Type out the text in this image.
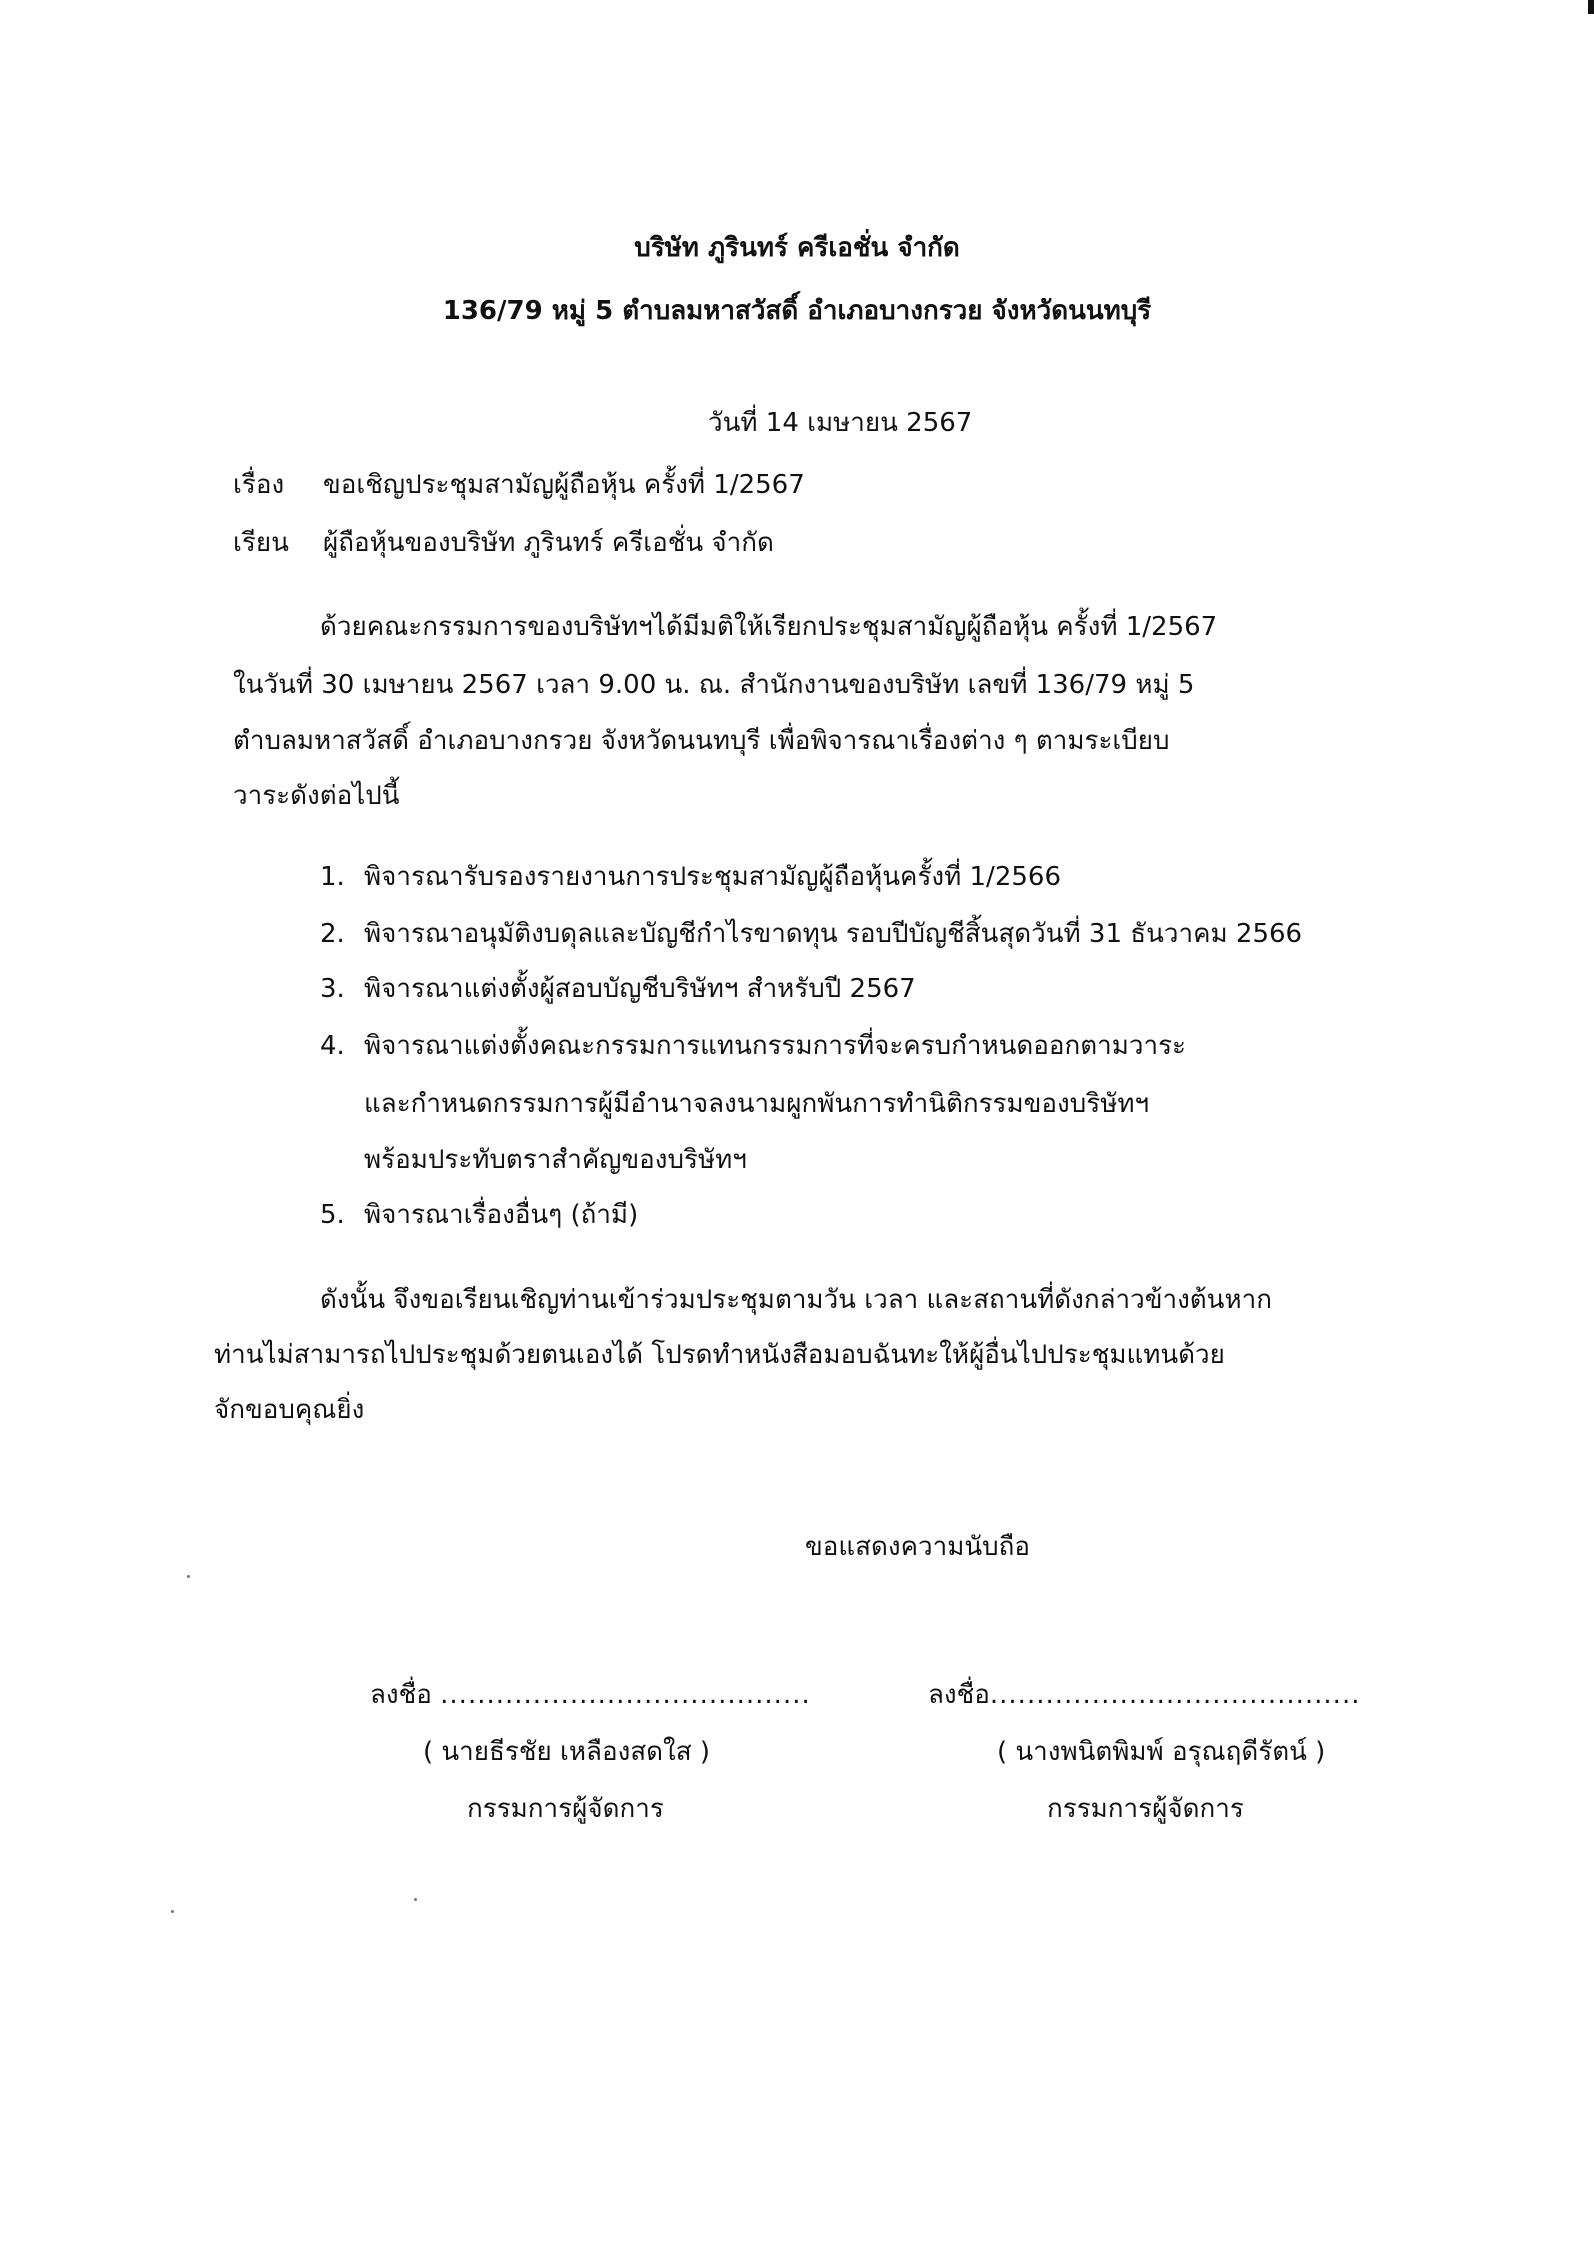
บริษัท ภูรินทร์ ครีเอชั่น จำกัด
136/79 หมู่ 5 ตำบลมหาสวัสดิ์ อำเภอบางกรวย จังหวัดนนทบุรี
วันที่ 14 เมษายน 2567
เรื่อง ขอเชิญประชุมสามัญผู้ถือหุ้น ครั้งที่ 1/2567
เรียน ผู้ถือหุ้นของบริษัท ภูรินทร์ ครีเอชั่น จำกัด
ด้วยคณะกรรมการของบริษัทฯได้มีมติให้เรียกประชุมสามัญผู้ถือหุ้น ครั้งที่ 1/2567
ในวันที่ 30 เมษายน 2567 เวลา 9.00 น. ณ. สำนักงานของบริษัท เลขที่ 136/79 หมู่ 5
ตำบลมหาสวัสดิ์ อำเภอบางกรวย จังหวัดนนทบุรี เพื่อพิจารณาเรื่องต่าง ๆ ตามระเบียบ
วาระดังต่อไปนี้
1. พิจารณารับรองรายงานการประชุมสามัญผู้ถือหุ้นครั้งที่ 1/2566
2. พิจารณาอนุมัติงบดุลและบัญชีกำไรขาดทุน รอบปีบัญชีสิ้นสุดวันที่ 31 ธันวาคม 2566
3. พิจารณาแต่งตั้งผู้สอบบัญชีบริษัทฯ สำหรับปี 2567
4. พิจารณาแต่งตั้งคณะกรรมการแทนกรรมการที่จะครบกำหนดออกตามวาระ
และกำหนดกรรมการผู้มีอำนาจลงนามผูกพันการทำนิติกรรมของบริษัทฯ
พร้อมประทับตราสำคัญของบริษัทฯ
5. พิจารณาเรื่องอื่นๆ (ถ้ามี)
ดังนั้น จึงขอเรียนเชิญท่านเข้าร่วมประชุมตามวัน เวลา และสถานที่ดังกล่าวข้างต้นหาก
ท่านไม่สามารถไปประชุมด้วยตนเองได้ โปรดทำหนังสือมอบฉันทะให้ผู้อื่นไปประชุมแทนด้วย
จักขอบคุณยิ่ง
ขอแสดงความนับถือ
ลงชื่อ ........................................
( นายธีรชัย เหลืองสดใส )
กรรมการผู้จัดการ
ลงชื่อ........................................
( นางพนิตพิมพ์ อรุณฤดีรัตน์ )
กรรมการผู้จัดการ
